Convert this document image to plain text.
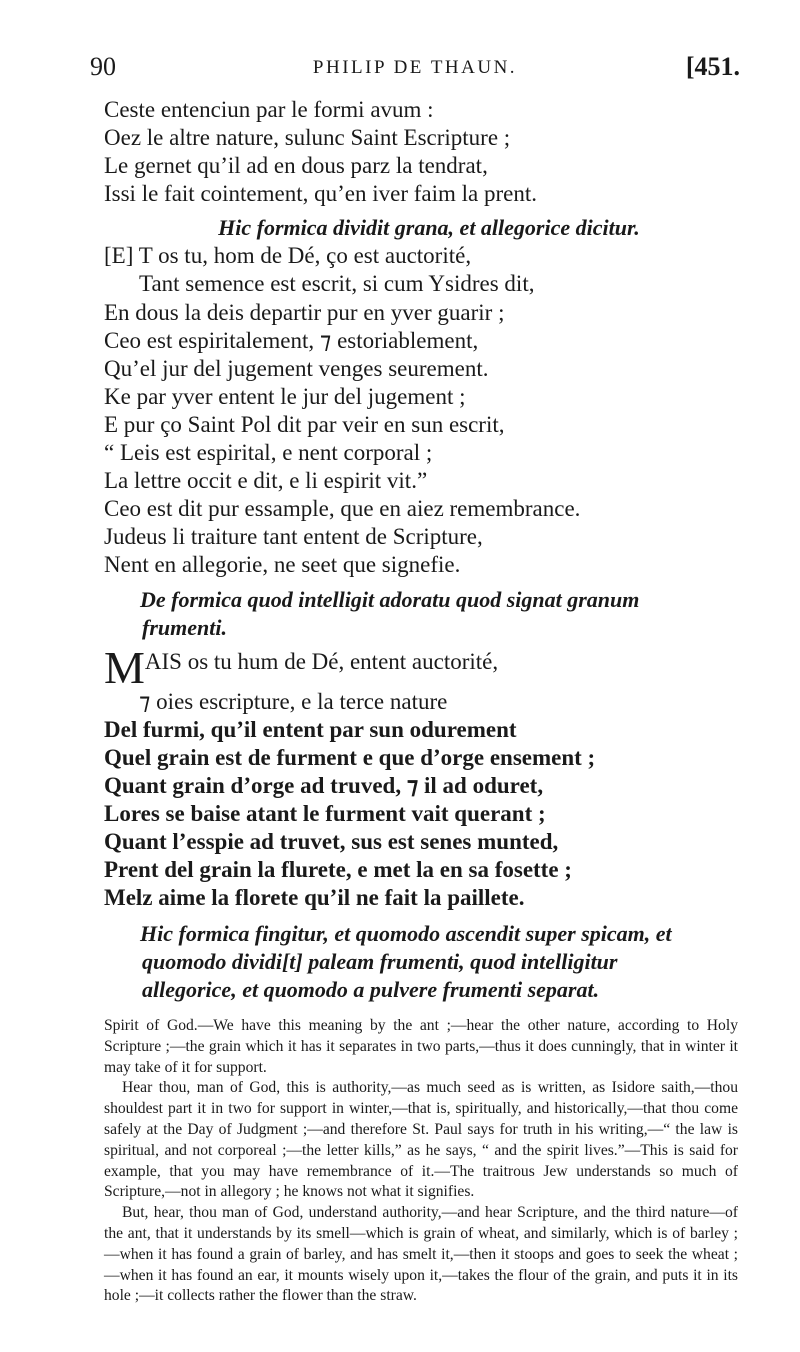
90	PHILIP DE THAUN.	[451.
Ceste entenciun par le formi avum :
Oez le altre nature, sulunc Saint Escripture ;
Le gernet qu’il ad en dous parz la tendrat,
Issi le fait cointement, qu’en iver faim la prent.
Hic formica dividit grana, et allegorice dicitur.
[E] T os tu, hom de Dé, ço est auctorité,
Tant semence est escrit, si cum Ysidres dit,
En dous la deis departir pur en yver guarir ;
Ceo est espiritalement, ⁊ estoriablement,
Qu’el jur del jugement venges seurement.
Ke par yver entent le jur del jugement ;
E pur ço Saint Pol dit par veir en sun escrit,
“ Leis est espirital, e nent corporal ;
La lettre occit e dit, e li espirit vit.”
Ceo est dit pur essample, que en aiez remembrance.
Judeus li traiture tant entent de Scripture,
Nent en allegorie, ne seet que signefie.
De formica quod intelligit adoratu quod signat granum
frumenti.
MAIS os tu hum de Dé, entent auctorité,
⁊ oies escripture, e la terce nature
Del furmi, qu’il entent par sun odurement
Quel grain est de furment e que d’orge ensement ;
Quant grain d’orge ad truved, ⁊ il ad oduret,
Lores se baise atant le furment vait querant ;
Quant l’esspie ad truvet, sus est senes munted,
Prent del grain la flurete, e met la en sa fosette ;
Melz aime la florete qu’il ne fait la paillete.
Hic formica fingitur, et quomodo ascendit super spicam, et
quomodo dividi[t] paleam frumenti, quod intelligitur
allegorice, et quomodo a pulvere frumenti separat.

Spirit of God.—We have this meaning by the ant ;—hear the other nature, according to Holy Scripture ;—the grain which it has it separates in two parts,—thus it does cunningly, that in winter it may take of it for support.

Hear thou, man of God, this is authority,—as much seed as is written, as Isidore saith,—thou shouldest part it in two for support in winter,—that is, spiritually, and historically,—that thou come safely at the Day of Judgment ;—and therefore St. Paul says for truth in his writing,—“ the law is spiritual, and not corporeal ;—the letter kills,” as he says, “ and the spirit lives.”—This is said for example, that you may have remembrance of it.—The traitrous Jew understands so much of Scripture,—not in allegory ; he knows not what it signifies.

But, hear, thou man of God, understand authority,—and hear Scripture, and the third nature—of the ant, that it understands by its smell—which is grain of wheat, and similarly, which is of barley ;—when it has found a grain of barley, and has smelt it,—then it stoops and goes to seek the wheat ;—when it has found an ear, it mounts wisely upon it,—takes the flour of the grain, and puts it in its hole ;—it collects rather the flower than the straw.
